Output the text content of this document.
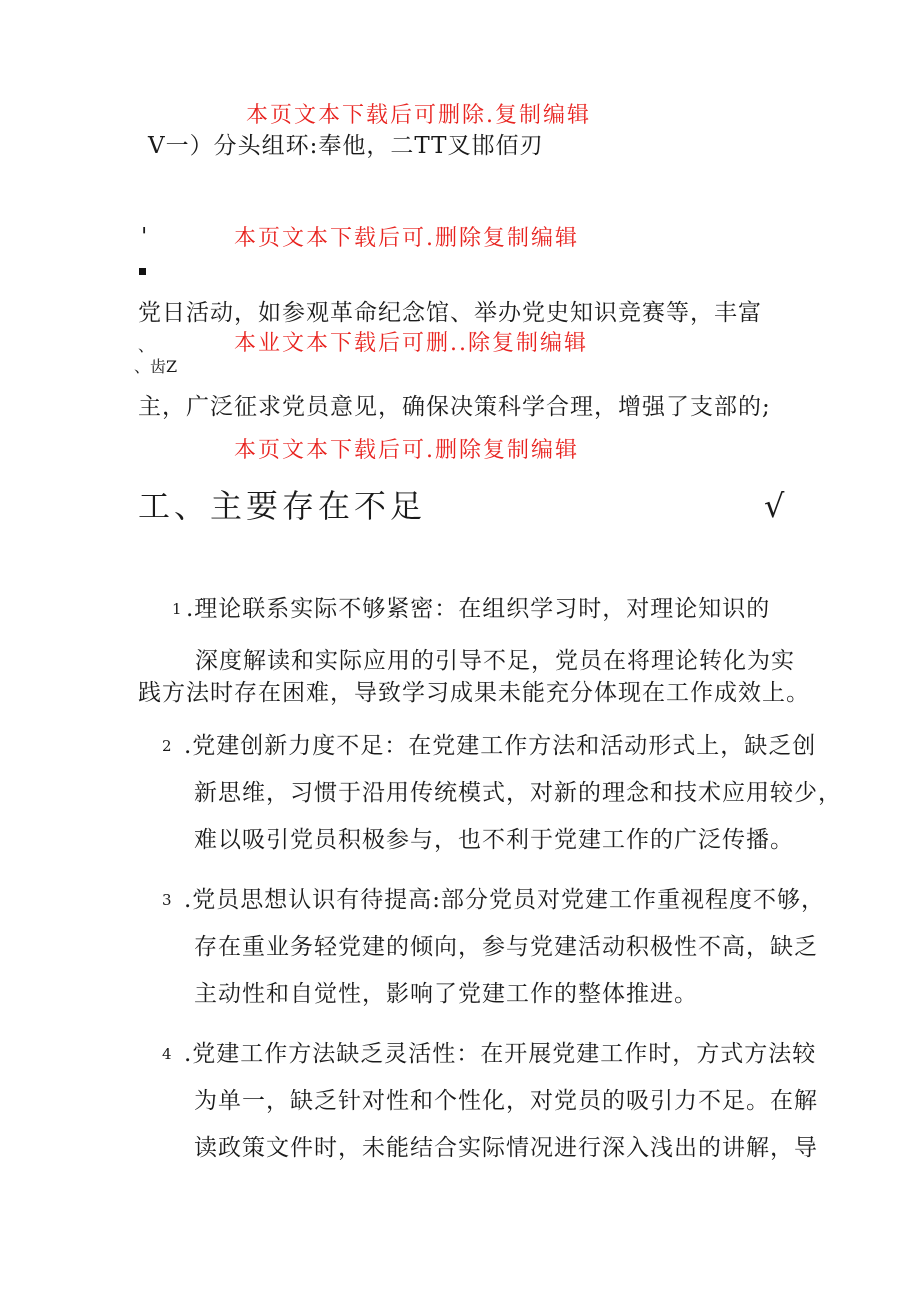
本页文本下载后可删除.复制编辑
V一）分头组环:奉他，二TT叉邯佰刃
'	本页文本下载后可.删除复制编辑
党日活动，如参观革命纪念馆、举办党史知识竞赛等，丰富
、	本业文本下载后可删..除复制编辑
、齿Z
主，广泛征求党员意见，确保决策科学合理，增强了支部的;
本页文本下载后可.删除复制编辑
工、主要存在不足	√
1 .理论联系实际不够紧密：在组织学习时，对理论知识的
深度解读和实际应用的引导不足，党员在将理论转化为实
践方法时存在困难，导致学习成果未能充分体现在工作成效上。
2 .党建创新力度不足：在党建工作方法和活动形式上，缺乏创
新思维，习惯于沿用传统模式，对新的理念和技术应用较少，
难以吸引党员积极参与，也不利于党建工作的广泛传播。
3 .党员思想认识有待提高:部分党员对党建工作重视程度不够，
存在重业务轻党建的倾向，参与党建活动积极性不高，缺乏
主动性和自觉性，影响了党建工作的整体推进。
4 .党建工作方法缺乏灵活性：在开展党建工作时，方式方法较
为单一，缺乏针对性和个性化，对党员的吸引力不足。在解
读政策文件时，未能结合实际情况进行深入浅出的讲解，导
